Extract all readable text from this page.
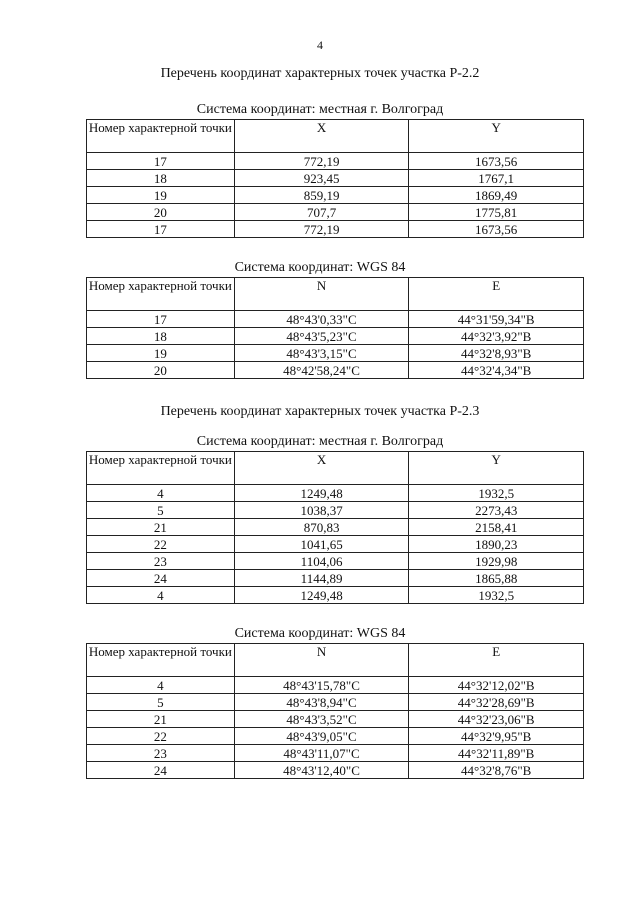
4
Перечень координат характерных точек участка Р-2.2
Система координат: местная г. Волгоград
Номер характерной точки	X	Y
17	772,19	1673,56
18	923,45	1767,1
19	859,19	1869,49
20	707,7	1775,81
17	772,19	1673,56
Система координат: WGS 84
Номер характерной точки	N	E
17	48°43'0,33"С	44°31'59,34"В
18	48°43'5,23"С	44°32'3,92"В
19	48°43'3,15"С	44°32'8,93"В
20	48°42'58,24"С	44°32'4,34"В
Перечень координат характерных точек участка Р-2.3
Система координат: местная г. Волгоград
Номер характерной точки	X	Y
4	1249,48	1932,5
5	1038,37	2273,43
21	870,83	2158,41
22	1041,65	1890,23
23	1104,06	1929,98
24	1144,89	1865,88
4	1249,48	1932,5
Система координат: WGS 84
Номер характерной точки	N	E
4	48°43'15,78"С	44°32'12,02"В
5	48°43'8,94"С	44°32'28,69"В
21	48°43'3,52"С	44°32'23,06"В
22	48°43'9,05"С	44°32'9,95"В
23	48°43'11,07"С	44°32'11,89"В
24	48°43'12,40"С	44°32'8,76"В
